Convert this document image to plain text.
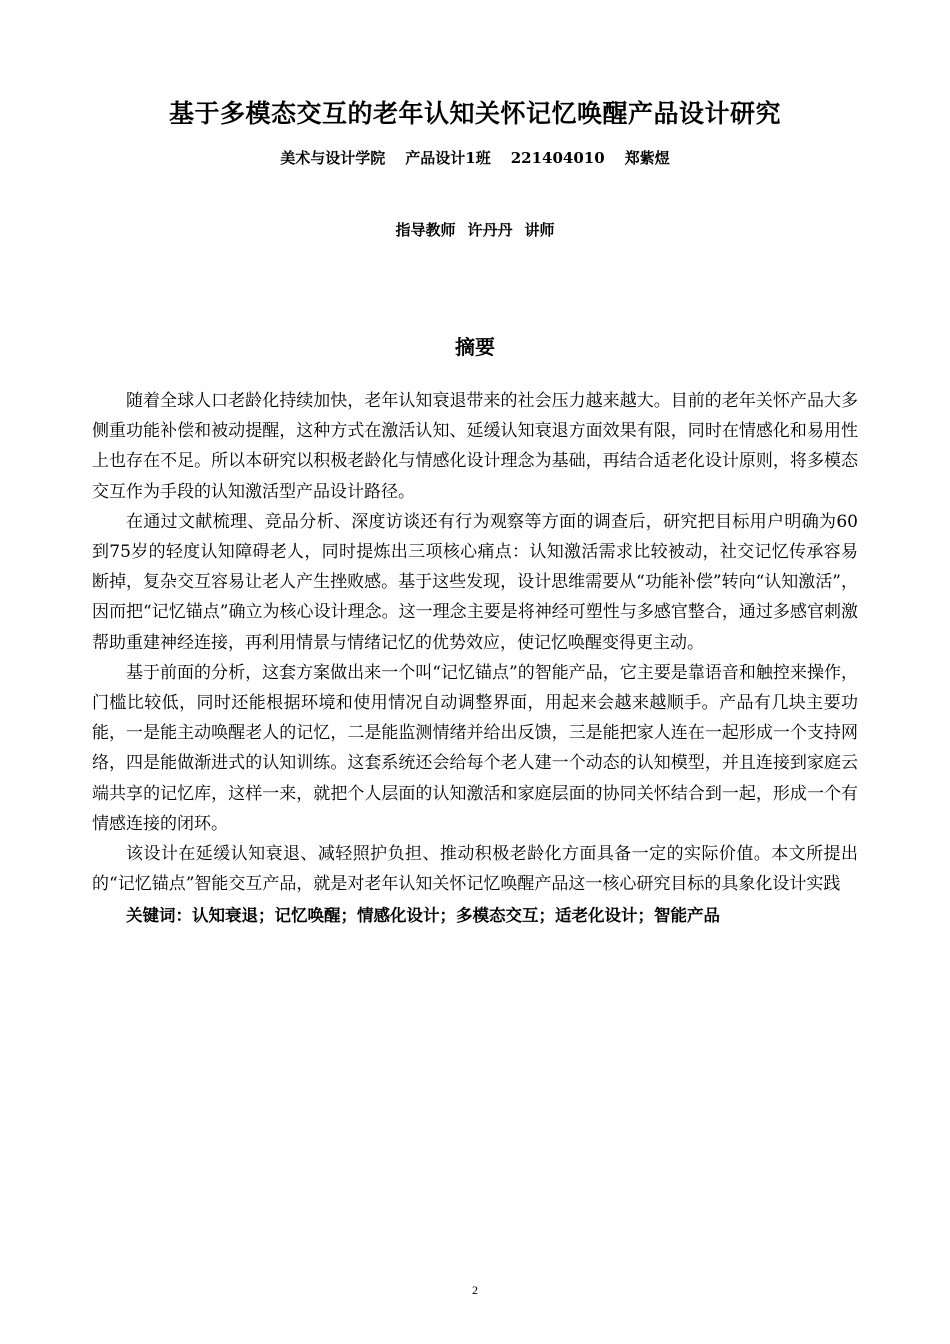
基于多模态交互的老年认知关怀记忆唤醒产品设计研究
美术与设计学院 产品设计1班 221404010 郑紫煜
指导教师 许丹丹 讲师
摘要

随着全球人口老龄化持续加快，老年认知衰退带来的社会压力越来越大。目前的老年关怀产品大多侧重功能补偿和被动提醒，这种方式在激活认知、延缓认知衰退方面效果有限，同时在情感化和易用性上也存在不足。所以本研究以积极老龄化与情感化设计理念为基础，再结合适老化设计原则，将多模态交互作为手段的认知激活型产品设计路径。

在通过文献梳理、竞品分析、深度访谈还有行为观察等方面的调查后，研究把目标用户明确为60到75岁的轻度认知障碍老人，同时提炼出三项核心痛点：认知激活需求比较被动，社交记忆传承容易断掉，复杂交互容易让老人产生挫败感。基于这些发现，设计思维需要从“功能补偿”转向“认知激活”，因而把“记忆锚点”确立为核心设计理念。这一理念主要是将神经可塑性与多感官整合，通过多感官刺激帮助重建神经连接，再利用情景与情绪记忆的优势效应，使记忆唤醒变得更主动。

基于前面的分析，这套方案做出来一个叫“记忆锚点”的智能产品，它主要是靠语音和触控来操作，门槛比较低，同时还能根据环境和使用情况自动调整界面，用起来会越来越顺手。产品有几块主要功能，一是能主动唤醒老人的记忆，二是能监测情绪并给出反馈，三是能把家人连在一起形成一个支持网络，四是能做渐进式的认知训练。这套系统还会给每个老人建一个动态的认知模型，并且连接到家庭云端共享的记忆库，这样一来，就把个人层面的认知激活和家庭层面的协同关怀结合到一起，形成一个有情感连接的闭环。

该设计在延缓认知衰退、减轻照护负担、推动积极老龄化方面具备一定的实际价值。本文所提出的“记忆锚点”智能交互产品，就是对老年认知关怀记忆唤醒产品这一核心研究目标的具象化设计实践

关键词：认知衰退；记忆唤醒；情感化设计；多模态交互；适老化设计；智能产品

2
